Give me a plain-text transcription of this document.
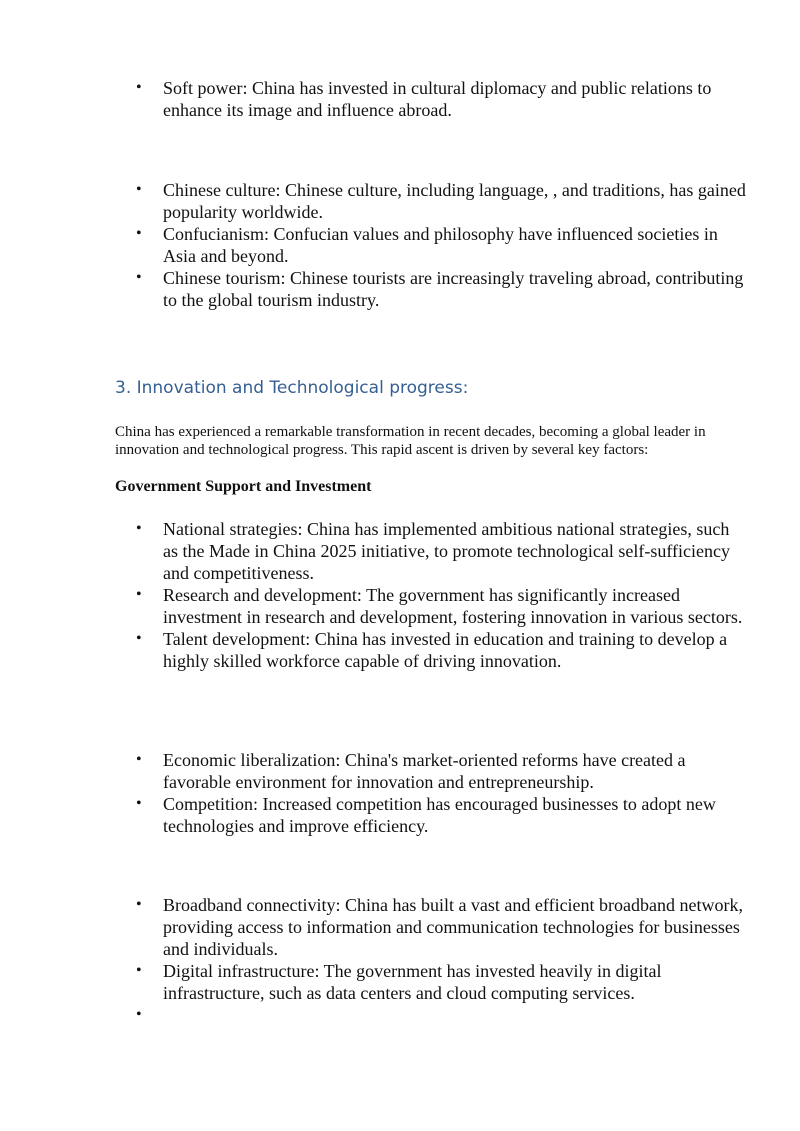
• Soft power: China has invested in cultural diplomacy and public relations to enhance its image and influence abroad.
• Chinese culture: Chinese culture, including language, , and traditions, has gained popularity worldwide.
• Confucianism: Confucian values and philosophy have influenced societies in Asia and beyond.
• Chinese tourism: Chinese tourists are increasingly traveling abroad, contributing to the global tourism industry.
3. Innovation and Technological progress:

China has experienced a remarkable transformation in recent decades, becoming a global leader in innovation and technological progress. This rapid ascent is driven by several key factors:

Government Support and Investment
• National strategies: China has implemented ambitious national strategies, such as the Made in China 2025 initiative, to promote technological self-sufficiency and competitiveness.
• Research and development: The government has significantly increased investment in research and development, fostering innovation in various sectors.
• Talent development: China has invested in education and training to develop a highly skilled workforce capable of driving innovation.
• Economic liberalization: China's market-oriented reforms have created a favorable environment for innovation and entrepreneurship.
• Competition: Increased competition has encouraged businesses to adopt new technologies and improve efficiency.
• Broadband connectivity: China has built a vast and efficient broadband network, providing access to information and communication technologies for businesses and individuals.
• Digital infrastructure: The government has invested heavily in digital infrastructure, such as data centers and cloud computing services.
•
